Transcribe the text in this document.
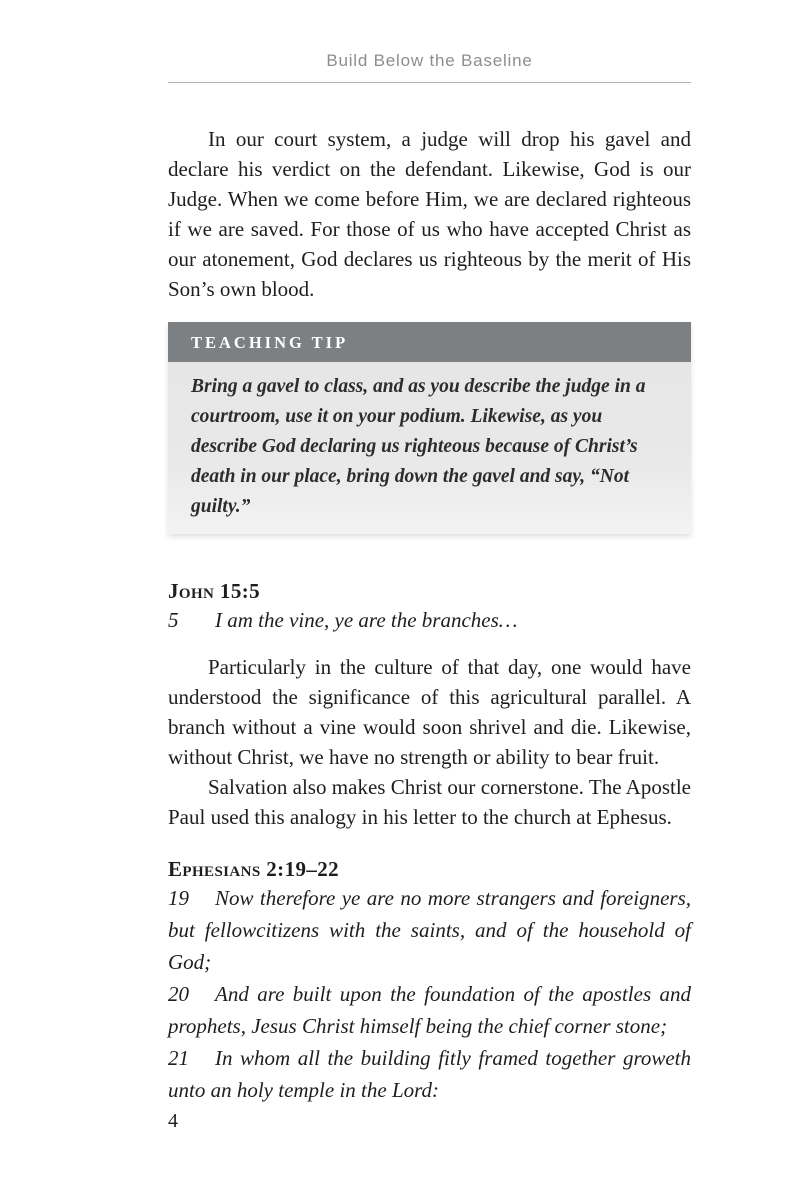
Build Below the Baseline

In our court system, a judge will drop his gavel and declare his verdict on the defendant. Likewise, God is our Judge. When we come before Him, we are declared righteous if we are saved. For those of us who have accepted Christ as our atonement, God declares us righteous by the merit of His Son’s own blood.

TEACHING TIP
Bring a gavel to class, and as you describe the judge in a courtroom, use it on your podium. Likewise, as you describe God declaring us righteous because of Christ’s death in our place, bring down the gavel and say, “Not guilty.”
John 15:5
5 I am the vine, ye are the branches…

Particularly in the culture of that day, one would have understood the significance of this agricultural parallel. A branch without a vine would soon shrivel and die. Likewise, without Christ, we have no strength or ability to bear fruit.

Salvation also makes Christ our cornerstone. The Apostle Paul used this analogy in his letter to the church at Ephesus.

Ephesians 2:19–22
19 Now therefore ye are no more strangers and foreigners, but fellowcitizens with the saints, and of the household of God;
20 And are built upon the foundation of the apostles and prophets, Jesus Christ himself being the chief corner stone;
21 In whom all the building fitly framed together groweth unto an holy temple in the Lord:
4
